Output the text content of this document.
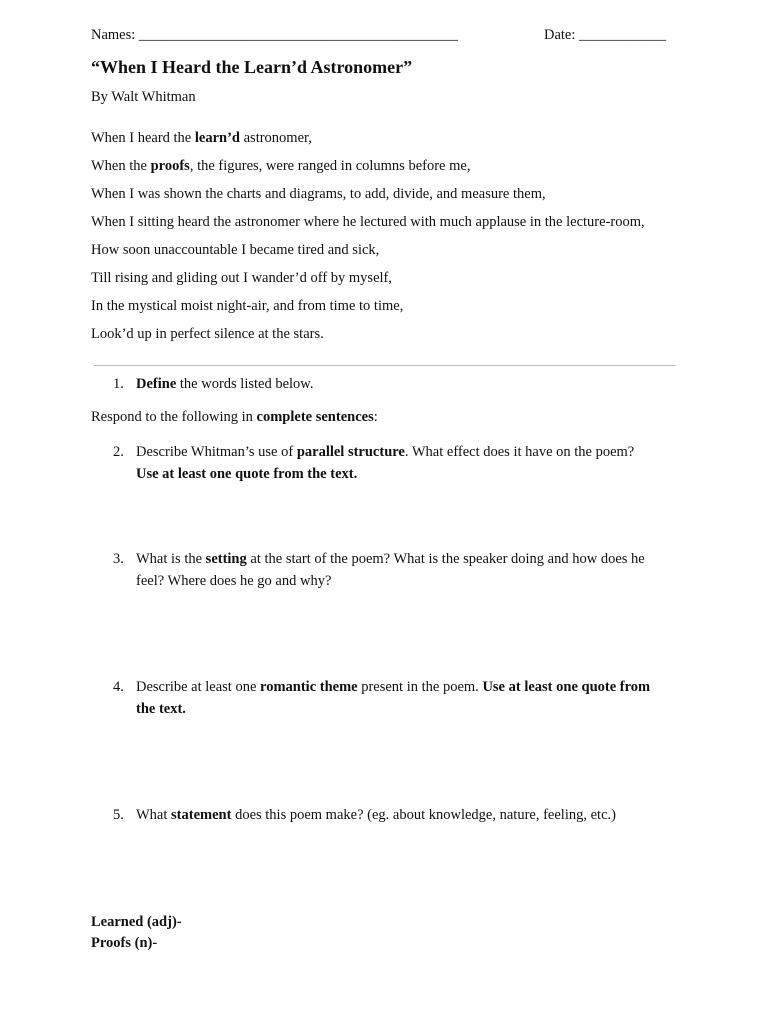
Names: ____________________________________________	Date: ____________
“When I Heard the Learn’d Astronomer”
By Walt Whitman
When I heard the learn’d astronomer,
When the proofs, the figures, were ranged in columns before me,
When I was shown the charts and diagrams, to add, divide, and measure them,
When I sitting heard the astronomer where he lectured with much applause in the lecture-room,
How soon unaccountable I became tired and sick,
Till rising and gliding out I wander’d off by myself,
In the mystical moist night-air, and from time to time,
Look’d up in perfect silence at the stars.
1. Define the words listed below.
Respond to the following in complete sentences:
2. Describe Whitman’s use of parallel structure. What effect does it have on the poem?
Use at least one quote from the text.
3. What is the setting at the start of the poem? What is the speaker doing and how does he
feel? Where does he go and why?
4. Describe at least one romantic theme present in the poem. Use at least one quote from
the text.
5. What statement does this poem make? (eg. about knowledge, nature, feeling, etc.)
Learned (adj)-
Proofs (n)-
